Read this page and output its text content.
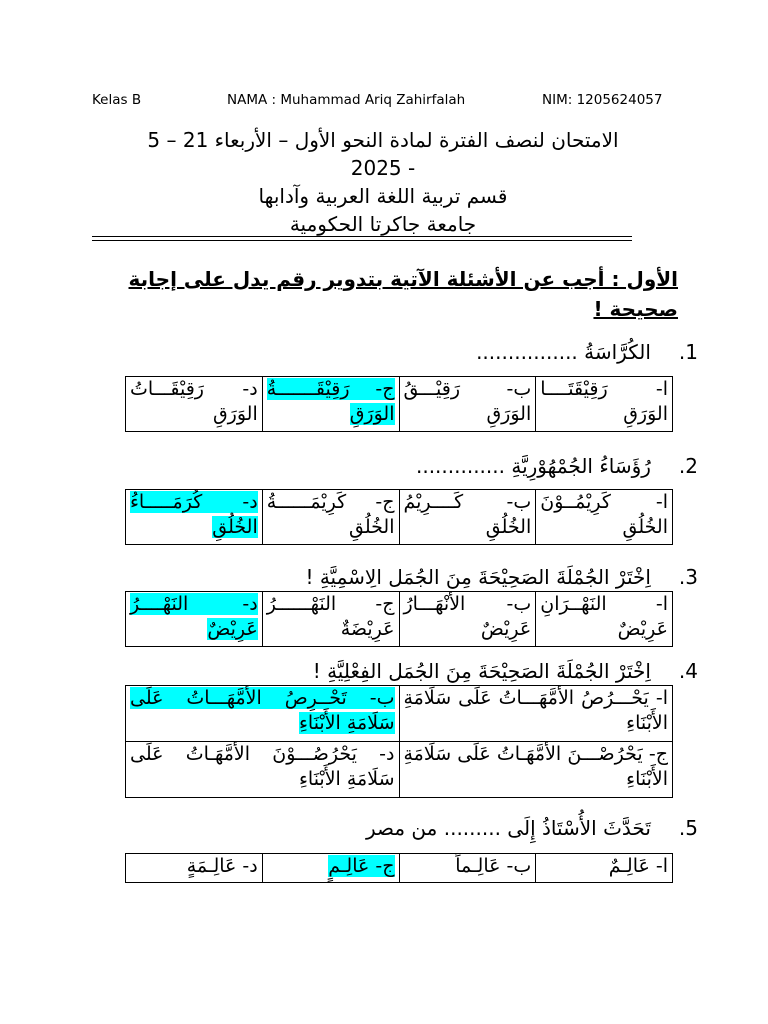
Kelas B	NAMA : Muhammad Ariq Zahirfalah	NIM: 1205624057
الامتحان لنصف الفترة لمادة النحو الأول – الأربعاء 21 – 5
- 2025
قسم تربية اللغة العربية وآدابها
جامعة جاكرتا الحكومية
الأول : أجب عن الأشئلة الآتية بتدوير رقم يدل على إجابة صحيحة !
1.الكُرَّاسَةُ ................
ا- رَقِيْقَتَــــا الوَرَقِ	ب- رَقِيْـــقُ الوَرَقِ	ج- رَقِيْقَـــــــةُ الوَرَقِ	د- رَقِيْقَـــاتُ الوَرَقِ
2.رُؤَسَاءُ الجُمْهُوْرِيَّةِ ..............
ا- كَرِيْمُــوْنَ الخُلُقِ	ب- كَــــرِيْمُ الخُلُقِ	ج- كَرِيْمَــــــةُ الخُلُقِ	د- كُرَمَـــــاءُ الخُلُقِ
3.اِخْتَرْ الجُمْلَةَ الصَحِيْحَةَ مِنَ الجُمَل الِاسْمِيَّةِ !
ا- النَهْــرَانِ عَرِيْضٌ	ب- الأَنْهَـــارُ عَرِيْضٌ	ج- النَهْــــــرُ عَرِيْضَةٌ	د- النَهْــــرُ عَرِيْضٌ
4.اِخْتَرْ الجُمْلَةَ الصَحِيْحَةَ مِنَ الجُمَل الفِعْلِيَّةِ !
ا- يَحْـــرُصُ الأُمَّهَـــاتُ عَلَى سَلَامَةِ الأَبْنَاءِ	ب- تَحْــرِصُ الأُمَّهَـــاتُ عَلَى سَلَامَةِ الأَبْنَاءِ
ج- يَحْرُصْـــنَ الأُمَّهَـاتُ عَلَى سَلَامَةِ الأَبْنَاءِ	د- يَحْرُصُـــوْنَ الأُمَّهَـاتُ عَلَى سَلَامَةِ الأَبْنَاءِ
5.تَحَدَّثَ الأُسْتَاذُ إِلَى ......... من مصر
ا- عَالِـمٌ	ب- عَالِـماً	ج- عَالِـمٍ	د- عَالِـمَةٍ
